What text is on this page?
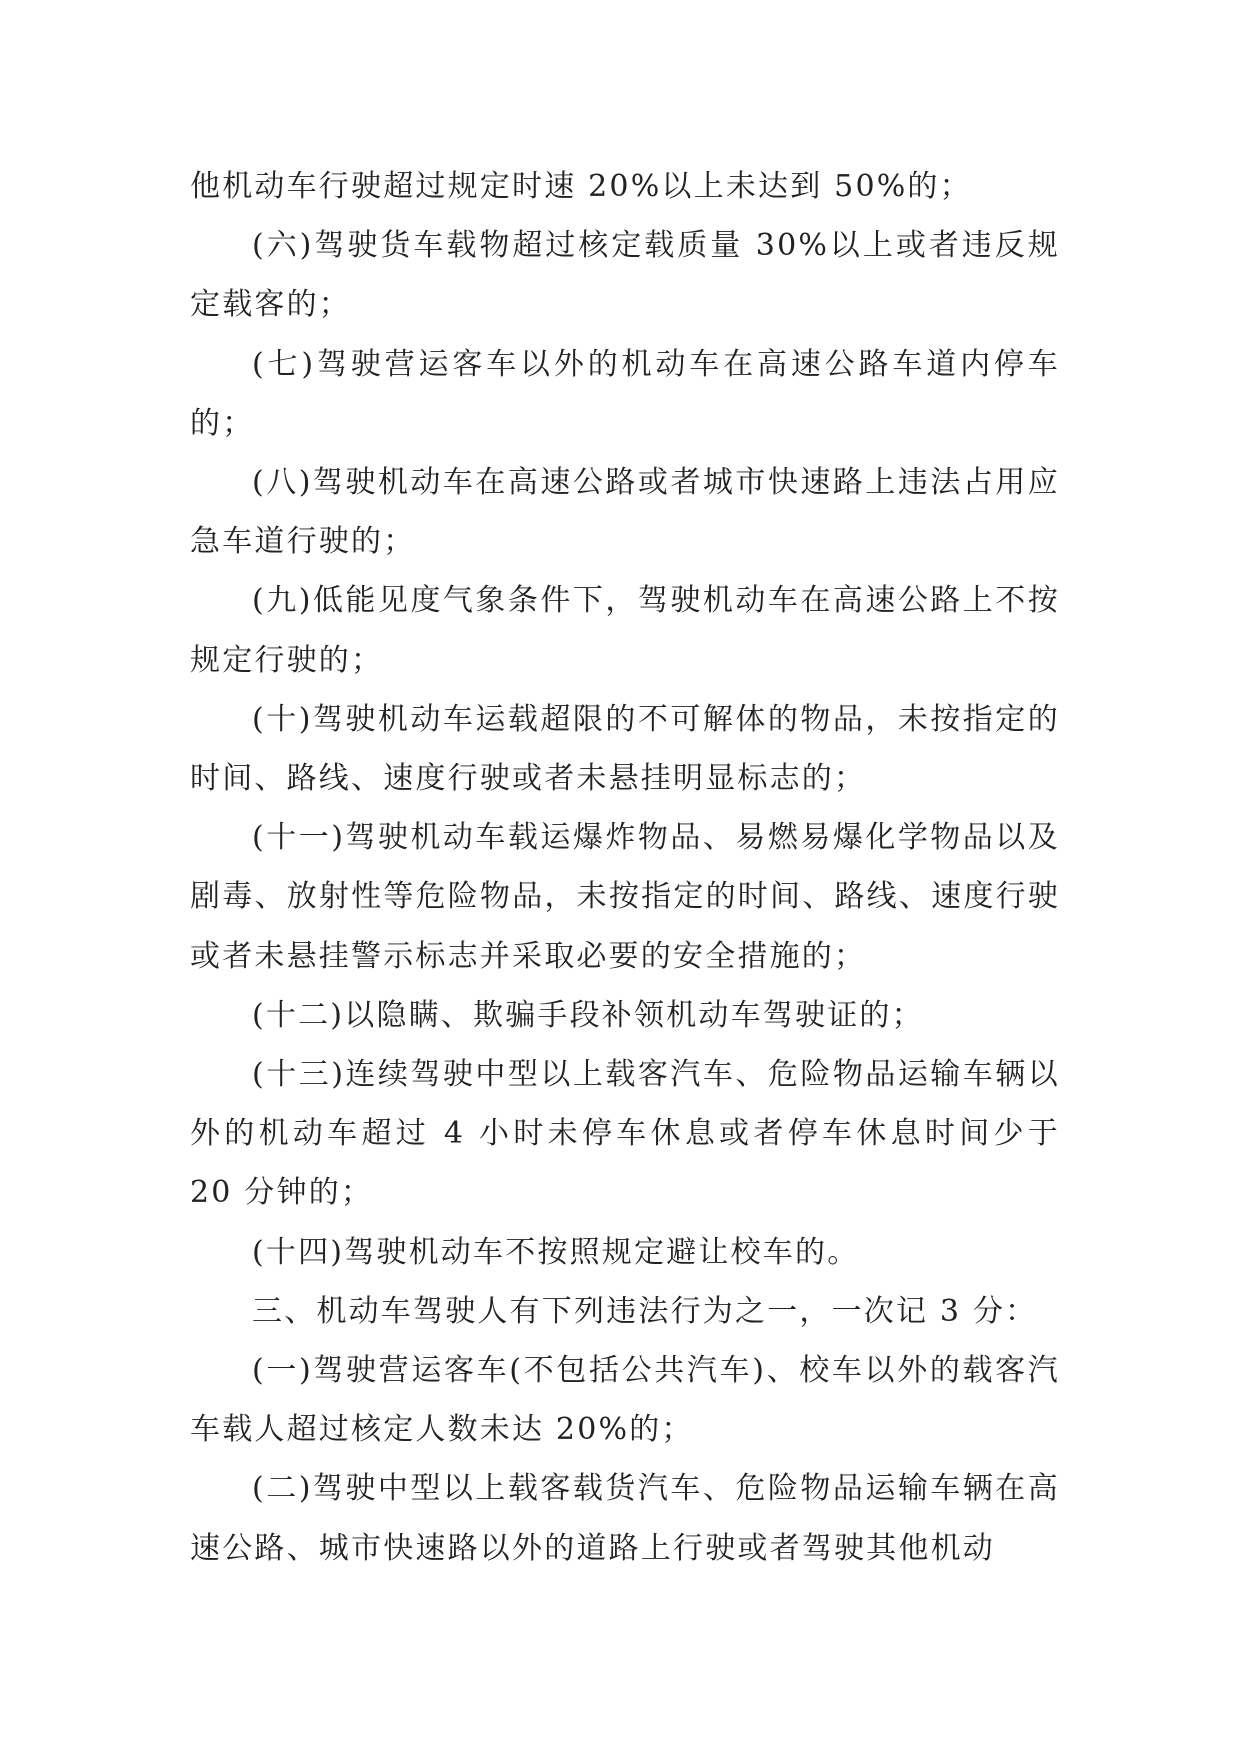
他机动车行驶超过规定时速 20%以上未达到 50%的；

(六)驾驶货车载物超过核定载质量 30%以上或者违反规定载客的；

(七)驾驶营运客车以外的机动车在高速公路车道内停车的；

(八)驾驶机动车在高速公路或者城市快速路上违法占用应急车道行驶的；

(九)低能见度气象条件下，驾驶机动车在高速公路上不按规定行驶的；

(十)驾驶机动车运载超限的不可解体的物品，未按指定的时间、路线、速度行驶或者未悬挂明显标志的；

(十一)驾驶机动车载运爆炸物品、易燃易爆化学物品以及剧毒、放射性等危险物品，未按指定的时间、路线、速度行驶或者未悬挂警示标志并采取必要的安全措施的；

(十二)以隐瞒、欺骗手段补领机动车驾驶证的；

(十三)连续驾驶中型以上载客汽车、危险物品运输车辆以外的机动车超过 4 小时未停车休息或者停车休息时间少于 20 分钟的；

(十四)驾驶机动车不按照规定避让校车的。

三、机动车驾驶人有下列违法行为之一，一次记 3 分：

(一)驾驶营运客车(不包括公共汽车)、校车以外的载客汽车载人超过核定人数未达 20%的；

(二)驾驶中型以上载客载货汽车、危险物品运输车辆在高速公路、城市快速路以外的道路上行驶或者驾驶其他机动
